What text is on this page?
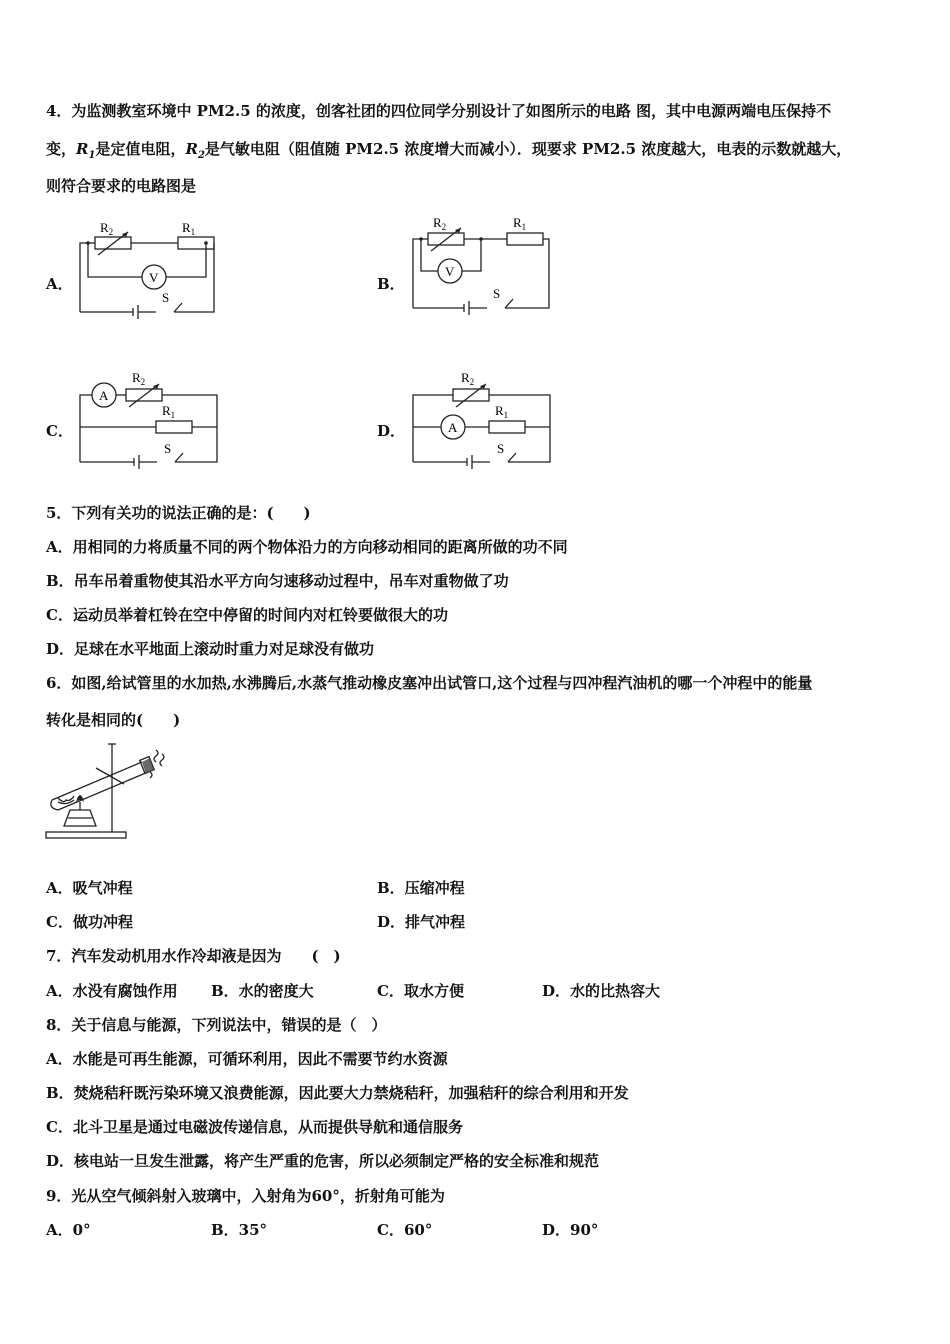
4．为监测教室环境中 PM2.5 的浓度，创客社团的四位同学分别设计了如图所示的电路 图，其中电源两端电压保持不
变，$R_1$是定值电阻，$R_2$是气敏电阻（阻值随 PM2.5 浓度增大而减小）．现要求 PM2.5 浓度越大，电表的示数就越大，
则符合要求的电路图是
A．
$R_2$	$R_1$
V
S
B．
$R_2$	$R_1$
V
S
C．
$R_2$
$R_1$
A
S
D．
$R_2$
$R_1$
A
S
5．下列有关功的说法正确的是：(　　)
A．用相同的力将质量不同的两个物体沿力的方向移动相同的距离所做的功不同
B．吊车吊着重物使其沿水平方向匀速移动过程中，吊车对重物做了功
C．运动员举着杠铃在空中停留的时间内对杠铃要做很大的功
D．足球在水平地面上滚动时重力对足球没有做功
6．如图,给试管里的水加热,水沸腾后,水蒸气推动橡皮塞冲出试管口,这个过程与四冲程汽油机的哪一个冲程中的能量
转化是相同的(　　)
A．吸气冲程	B．压缩冲程
C．做功冲程	D．排气冲程
7．汽车发动机用水作冷却液是因为　　(　)
A．水没有腐蚀作用 B．水的密度大	C．取水方便	D．水的比热容大
8．关于信息与能源，下列说法中，错误的是（　）
A．水能是可再生能源，可循环利用，因此不需要节约水资源
B．焚烧秸秆既污染环境又浪费能源，因此要大力禁烧秸秆，加强秸秆的综合利用和开发
C．北斗卫星是通过电磁波传递信息，从而提供导航和通信服务
D．核电站一旦发生泄露，将产生严重的危害，所以必须制定严格的安全标准和规范
9．光从空气倾斜射入玻璃中，入射角为60°，折射角可能为
A．0°	B．35°	C．60°	D．90°
